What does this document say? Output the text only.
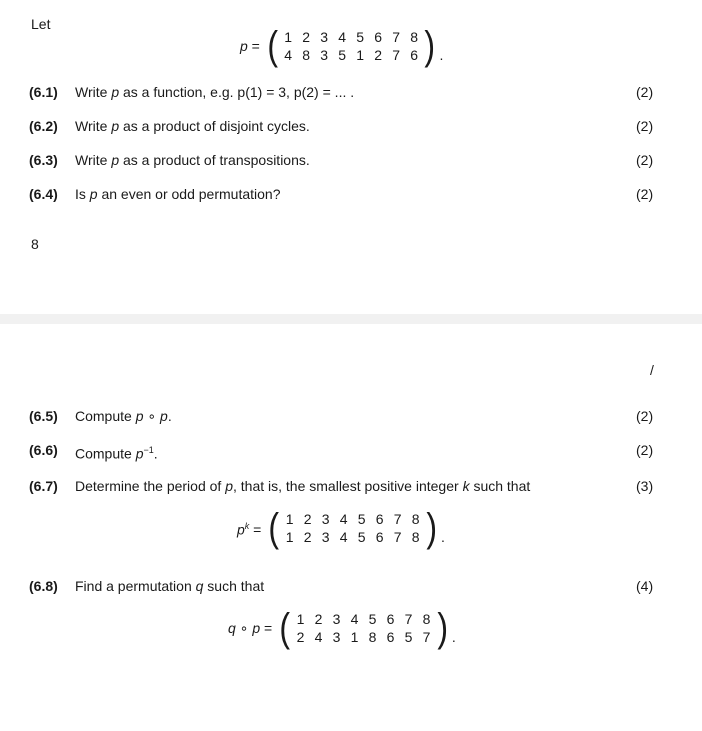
Let
p = ( 1 2 3 4 5 6 7 8
4 8 3 5 1 2 7 6 ) .
(6.1) Write p as a function, e.g. p(1) = 3, p(2) = ... .	(2)
(6.2) Write p as a product of disjoint cycles.	(2)
(6.3) Write p as a product of transpositions.	(2)
(6.4) Is p an even or odd permutation?	(2)
8
/
(6.5) Compute p ∘ p.	(2)
(6.6) Compute $p^{-1}$.	(2)
(6.7) Determine the period of p, that is, the smallest positive integer k such that	(3)
$p^k$ = ( 1 2 3 4 5 6 7 8
1 2 3 4 5 6 7 8 ) .
(6.8) Find a permutation q such that	(4)
q ∘ p = ( 1 2 3 4 5 6 7 8
2 4 3 1 8 6 5 7 ) .
